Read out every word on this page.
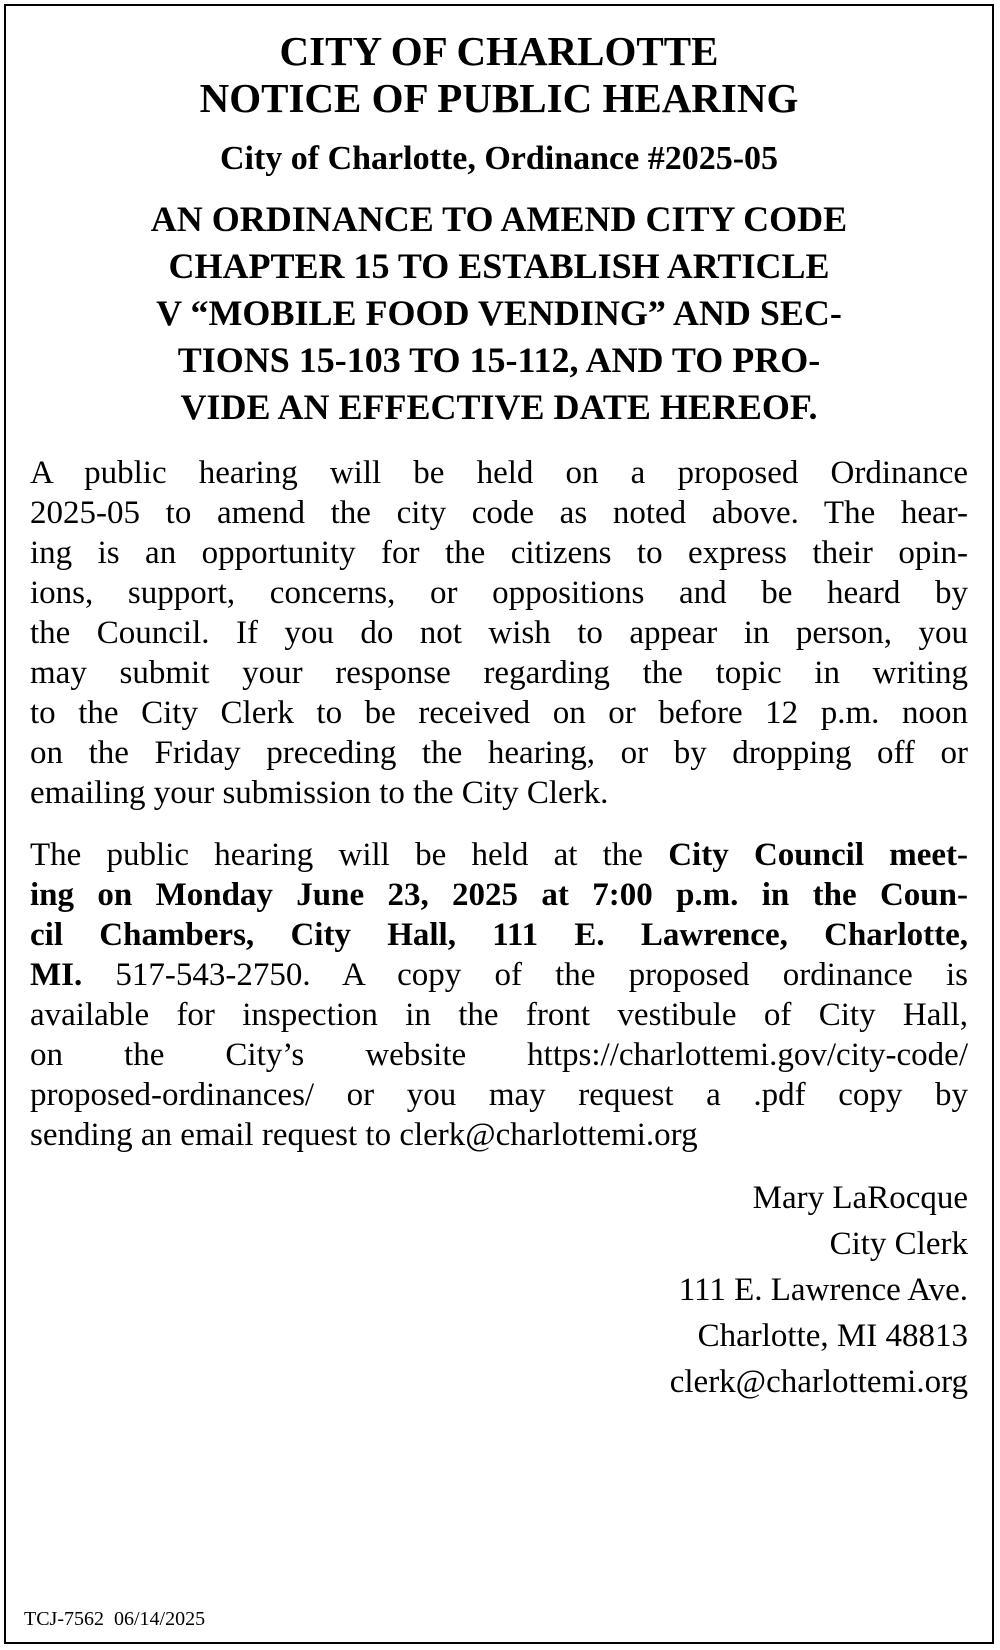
CITY OF CHARLOTTE
NOTICE OF PUBLIC HEARING
City of Charlotte, Ordinance #2025-05
AN ORDINANCE TO AMEND CITY CODE
CHAPTER 15 TO ESTABLISH ARTICLE
V “MOBILE FOOD VENDING” AND SEC-
TIONS 15-103 TO 15-112, AND TO PRO-
VIDE AN EFFECTIVE DATE HEREOF.
A public hearing will be held on a proposed Ordinance
2025-05 to amend the city code as noted above. The hear-
ing is an opportunity for the citizens to express their opin-
ions, support, concerns, or oppositions and be heard by
the Council. If you do not wish to appear in person, you
may submit your response regarding the topic in writing
to the City Clerk to be received on or before 12 p.m. noon
on the Friday preceding the hearing, or by dropping off or
emailing your submission to the City Clerk.
The public hearing will be held at the City Council meet-
ing on Monday June 23, 2025 at 7:00 p.m. in the Coun-
cil Chambers, City Hall, 111 E. Lawrence, Charlotte,
MI. 517-543-2750. A copy of the proposed ordinance is
available for inspection in the front vestibule of City Hall,
on the City’s website https://charlottemi.gov/city-code/
proposed-ordinances/ or you may request a .pdf copy by
sending an email request to clerk@charlottemi.org
Mary LaRocque
City Clerk
111 E. Lawrence Ave.
Charlotte, MI 48813
clerk@charlottemi.org
TCJ-7562  06/14/2025
